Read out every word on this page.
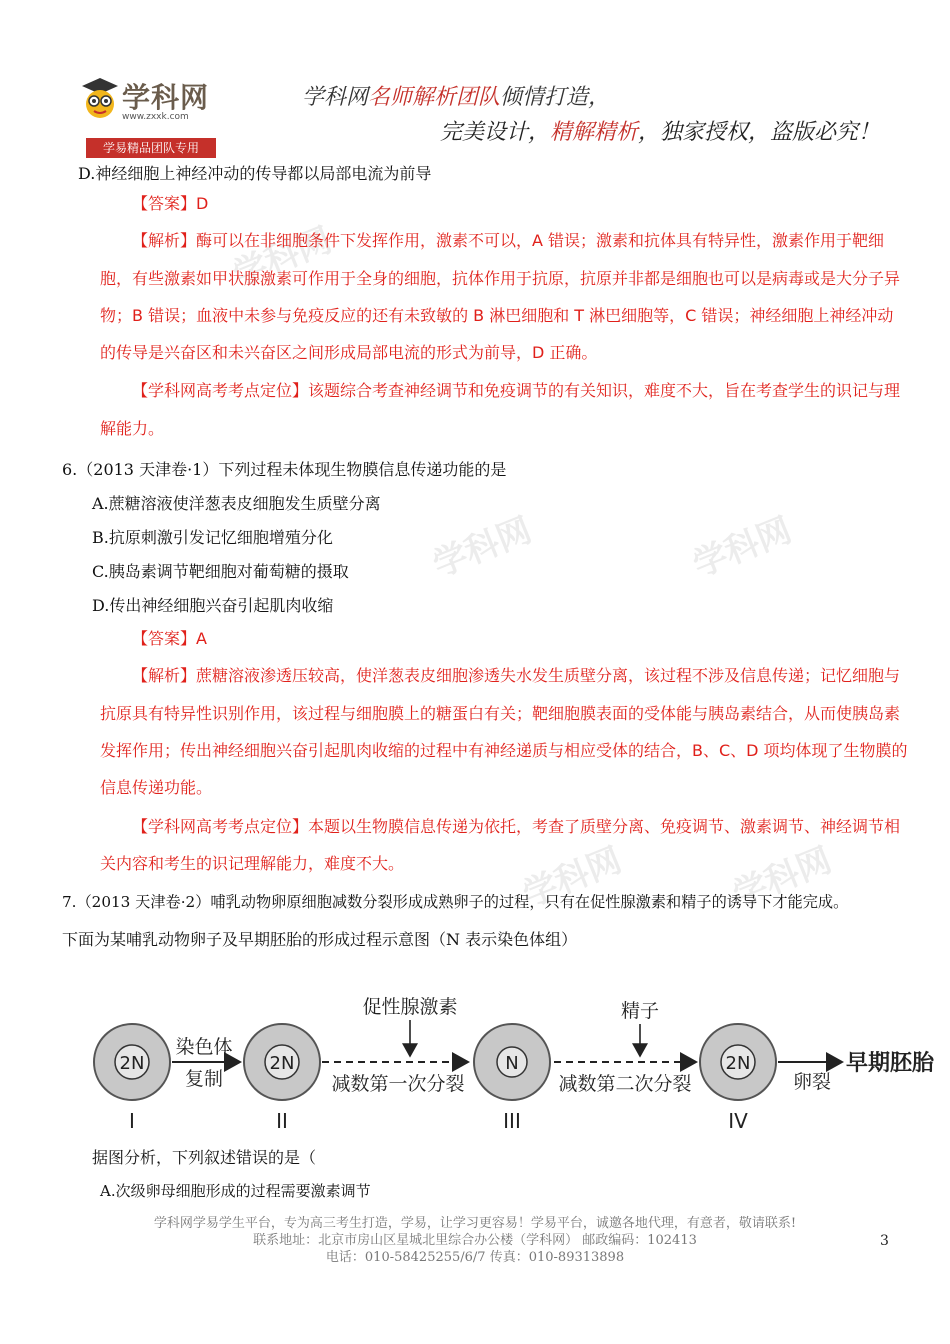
学科网
学科网	学科网
学科网	学科网
学科网
www.zxxk.com
学易精品团队专用
学科网名师解析团队倾情打造，
完美设计，精解精析，独家授权，盗版必究！
D.神经细胞上神经冲动的传导都以局部电流为前导
【答案】D
【解析】酶可以在非细胞条件下发挥作用，激素不可以，A 错误；激素和抗体具有特异性，激素作用于靶细
胞，有些激素如甲状腺激素可作用于全身的细胞，抗体作用于抗原，抗原并非都是细胞也可以是病毒或是大分子异
物；B 错误；血液中未参与免疫反应的还有未致敏的 B 淋巴细胞和 T 淋巴细胞等，C 错误；神经细胞上神经冲动
的传导是兴奋区和未兴奋区之间形成局部电流的形式为前导，D 正确。
【学科网高考考点定位】该题综合考查神经调节和免疫调节的有关知识，难度不大，旨在考查学生的识记与理
解能力。
6.（2013 天津卷·1）下列过程未体现生物膜信息传递功能的是
A.蔗糖溶液使洋葱表皮细胞发生质壁分离
B.抗原刺激引发记忆细胞增殖分化
C.胰岛素调节靶细胞对葡萄糖的摄取
D.传出神经细胞兴奋引起肌肉收缩
【答案】A
【解析】蔗糖溶液渗透压较高，使洋葱表皮细胞渗透失水发生质壁分离，该过程不涉及信息传递；记忆细胞与
抗原具有特异性识别作用，该过程与细胞膜上的糖蛋白有关；靶细胞膜表面的受体能与胰岛素结合，从而使胰岛素
发挥作用；传出神经细胞兴奋引起肌肉收缩的过程中有神经递质与相应受体的结合，B、C、D 项均体现了生物膜的
信息传递功能。
【学科网高考考点定位】本题以生物膜信息传递为依托，考查了质壁分离、免疫调节、激素调节、神经调节相
关内容和考生的识记理解能力，难度不大。
7.（2013 天津卷·2）哺乳动物卵原细胞减数分裂形成成熟卵子的过程，只有在促性腺激素和精子的诱导下才能完成。
下面为某哺乳动物卵子及早期胚胎的形成过程示意图（N 表示染色体组）
2N
I
染色体
复制
2N
II
促性腺激素
减数第一次分裂
N
III
精子
减数第二次分裂
2N
IV
卵裂
早期胚胎
据图分析，下列叙述错误的是（
A.次级卵母细胞形成的过程需要激素调节
学科网学易学生平台，专为高三考生打造，学易，让学习更容易！学易平台，诚邀各地代理，有意者，敬请联系!
联系地址：北京市房山区星城北里综合办公楼（学科网） 邮政编码：102413
电话：010-58425255/6/7 传真：010-89313898
3
